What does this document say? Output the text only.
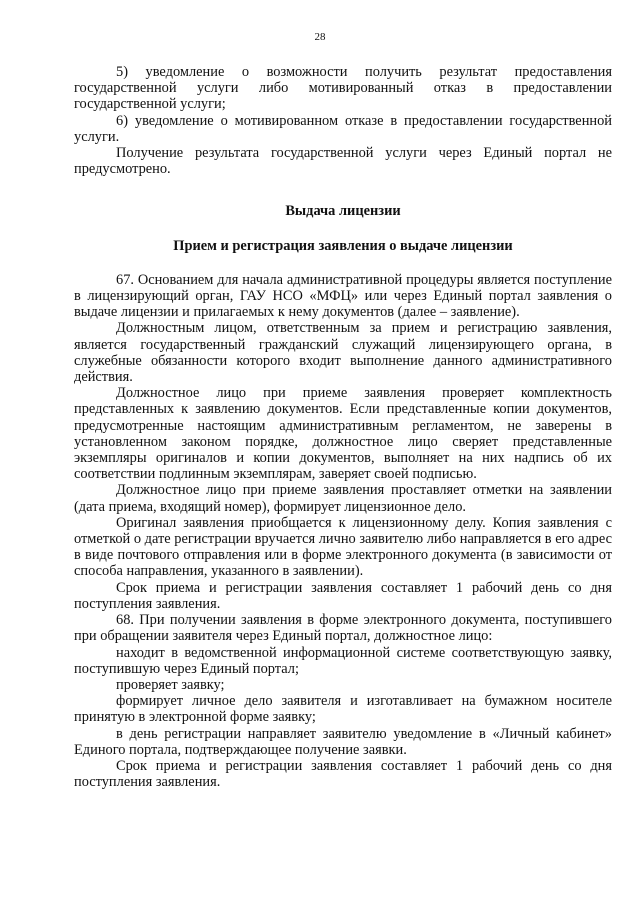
28

5) уведомление о возможности получить результат предоставления государственной услуги либо мотивированный отказ в предоставлении государственной услуги;

6) уведомление о мотивированном отказе в предоставлении государственной услуги.

Получение результата государственной услуги через Единый портал не предусмотрено.

Выдача лицензии
Прием и регистрация заявления о выдаче лицензии

67. Основанием для начала административной процедуры является поступление в лицензирующий орган, ГАУ НСО «МФЦ» или через Единый портал заявления о выдаче лицензии и прилагаемых к нему документов (далее – заявление).

Должностным лицом, ответственным за прием и регистрацию заявления, является государственный гражданский служащий лицензирующего органа, в служебные обязанности которого входит выполнение данного административного действия.

Должностное лицо при приеме заявления проверяет комплектность представленных к заявлению документов. Если представленные копии документов, предусмотренные настоящим административным регламентом, не заверены в установленном законом порядке, должностное лицо сверяет представленные экземпляры оригиналов и копии документов, выполняет на них надпись об их соответствии подлинным экземплярам, заверяет своей подписью.

Должностное лицо при приеме заявления проставляет отметки на заявлении (дата приема, входящий номер), формирует лицензионное дело.

Оригинал заявления приобщается к лицензионному делу. Копия заявления с отметкой о дате регистрации вручается лично заявителю либо направляется в его адрес в виде почтового отправления или в форме электронного документа (в зависимости от способа направления, указанного в заявлении).

Срок приема и регистрации заявления составляет 1 рабочий день со дня поступления заявления.

68. При получении заявления в форме электронного документа, поступившего при обращении заявителя через Единый портал, должностное лицо:

находит в ведомственной информационной системе соответствующую заявку, поступившую через Единый портал;

проверяет заявку;

формирует личное дело заявителя и изготавливает на бумажном носителе принятую в электронной форме заявку;

в день регистрации направляет заявителю уведомление в «Личный кабинет» Единого портала, подтверждающее получение заявки.

Срок приема и регистрации заявления составляет 1 рабочий день со дня поступления заявления.
